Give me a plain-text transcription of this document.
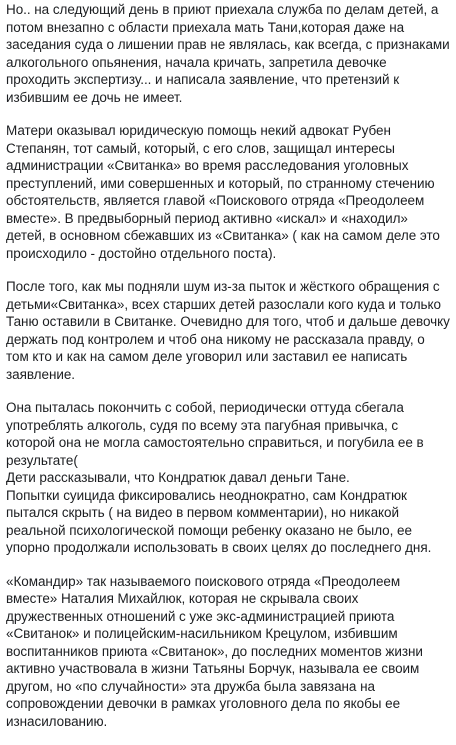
Но.. на следующий день в приют приехала служба по делам детей, а потом внезапно с области приехала мать Тани,которая даже на заседания суда о лишении прав не являлась, как всегда, с признаками алкогольного опьянения, начала кричать, запретила девочке проходить экспертизу... и написала заявление, что претензий к избившим ее дочь не имеет.

Матери оказывал юридическую помощь некий адвокат Рубен Степанян, тот самый, который, с его слов, защищал интересы администрации «Свитанка» во время расследования уголовных преступлений, ими совершенных и который, по странному стечению обстоятельств, является главой «Поискового отряда «Преодолеем вместе». В предвыборный период активно «искал» и «находил» детей, в основном сбежавших из «Свитанка» ( как на самом деле это происходило - достойно отдельного поста).

После того, как мы подняли шум из-за пыток и жёсткого обращения с детьми«Свитанка», всех старших детей разослали кого куда и только Таню оставили в Свитанке. Очевидно для того, чтоб и дальше девочку держать под контролем и чтоб она никому не рассказала правду, о том кто и как на самом деле уговорил или заставил ее написать заявление.

Она пыталась покончить с собой, периодически оттуда сбегала употреблять алкоголь, судя по всему эта пагубная привычка, с которой она не могла самостоятельно справиться, и погубила ее в результате(
Дети рассказывали, что Кондратюк давал деньги Тане.
Попытки суицида фиксировались неоднократно, сам Кондратюк пытался скрыть ( на видео в первом комментарии), но никакой реальной психологической помощи ребенку оказано не было, ее упорно продолжали использовать в своих целях до последнего дня.

«Командир» так называемого поискового отряда «Преодолеем вместе» Наталия Михайлюк, которая не скрывала своих дружественных отношений с уже экс-администрацией приюта «Свитанок» и полицейским-насильником Крецулом, избившим воспитанников приюта «Свитанок», до последних моментов жизни активно участвовала в жизни Татьяны Борчук, называла ее своим другом, но «по случайности» эта дружба была завязана на сопровождении девочки в рамках уголовного дела по якобы ее изнасилованию.
